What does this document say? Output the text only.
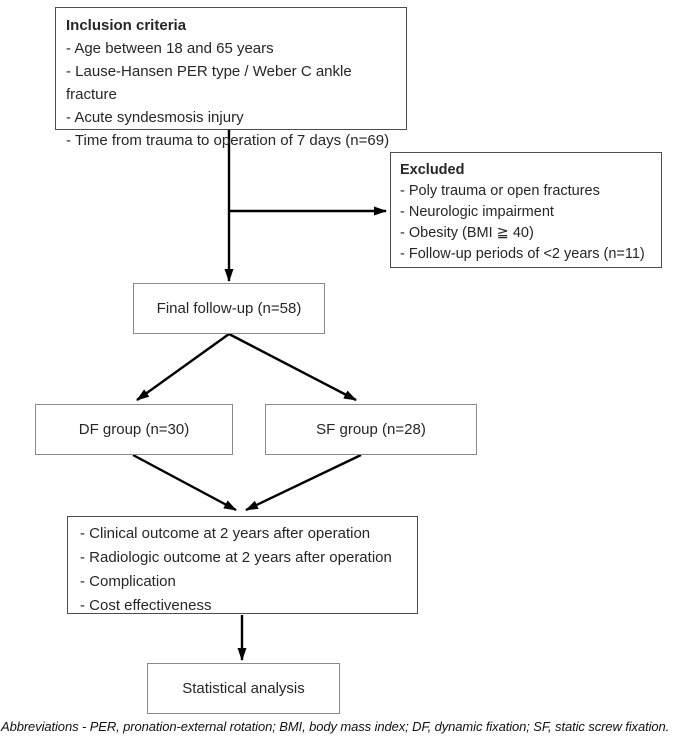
Inclusion criteria
- Age between 18 and 65 years
- Lause-Hansen PER type / Weber C ankle fracture
- Acute syndesmosis injury
- Time from trauma to operation of 7 days (n=69)
Excluded
- Poly trauma or open fractures
- Neurologic impairment
- Obesity (BMI ≧ 40)
- Follow-up periods of <2 years (n=11)
Final follow-up (n=58)
DF group (n=30)	SF group (n=28)
- Clinical outcome at 2 years after operation
- Radiologic outcome at 2 years after operation
- Complication
- Cost effectiveness
Statistical analysis
Abbreviations - PER, pronation-external rotation; BMI, body mass index; DF, dynamic fixation; SF, static screw fixation.
